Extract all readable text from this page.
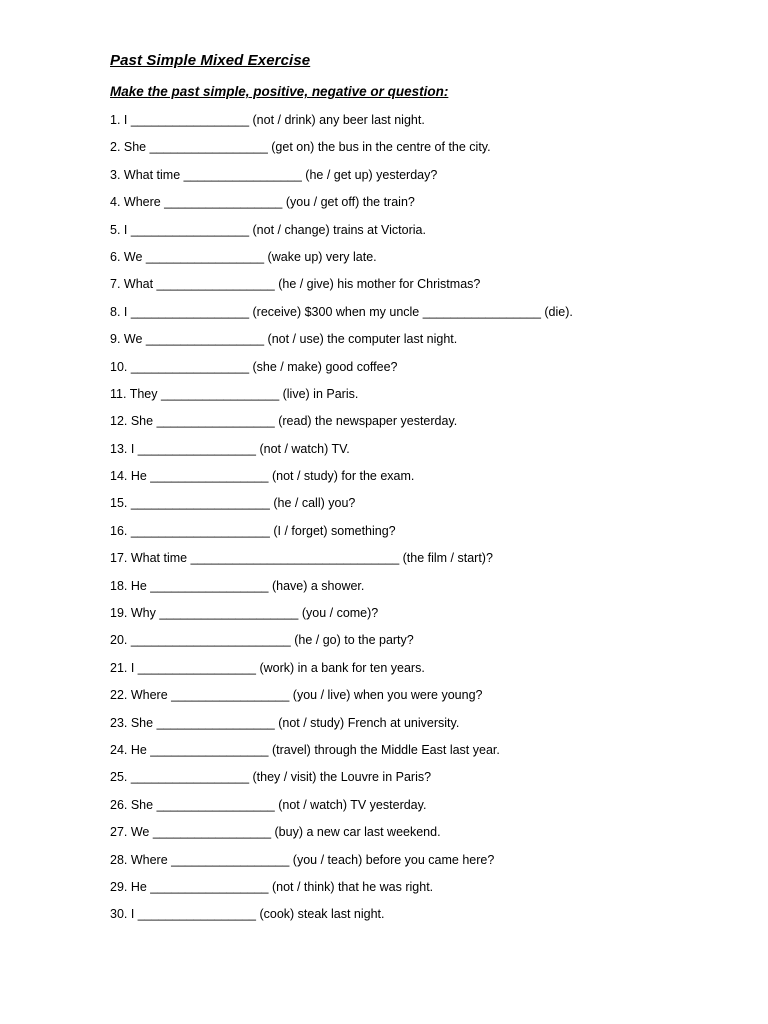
Past Simple Mixed Exercise
Make the past simple, positive, negative or question:
1. I _________________ (not / drink) any beer last night.
2. She _________________ (get on) the bus in the centre of the city.
3. What time _________________ (he / get up) yesterday?
4. Where _________________ (you / get off) the train?
5. I _________________ (not / change) trains at Victoria.
6. We _________________ (wake up) very late.
7. What _________________ (he / give) his mother for Christmas?
8. I _________________ (receive) $300 when my uncle _________________ (die).
9. We _________________ (not / use) the computer last night.
10. _________________ (she / make) good coffee?
11. They _________________ (live) in Paris.
12. She _________________ (read) the newspaper yesterday.
13. I _________________ (not / watch) TV.
14. He _________________ (not / study) for the exam.
15. ____________________ (he / call) you?
16. ____________________ (I / forget) something?
17. What time ______________________________ (the film / start)?
18. He _________________ (have) a shower.
19. Why ____________________ (you / come)?
20. _______________________ (he / go) to the party?
21. I _________________ (work) in a bank for ten years.
22. Where _________________ (you / live) when you were young?
23. She _________________ (not / study) French at university.
24. He _________________ (travel) through the Middle East last year.
25. _________________ (they / visit) the Louvre in Paris?
26. She _________________ (not / watch) TV yesterday.
27. We _________________ (buy) a new car last weekend.
28. Where _________________ (you / teach) before you came here?
29. He _________________ (not / think) that he was right.
30. I _________________ (cook) steak last night.
